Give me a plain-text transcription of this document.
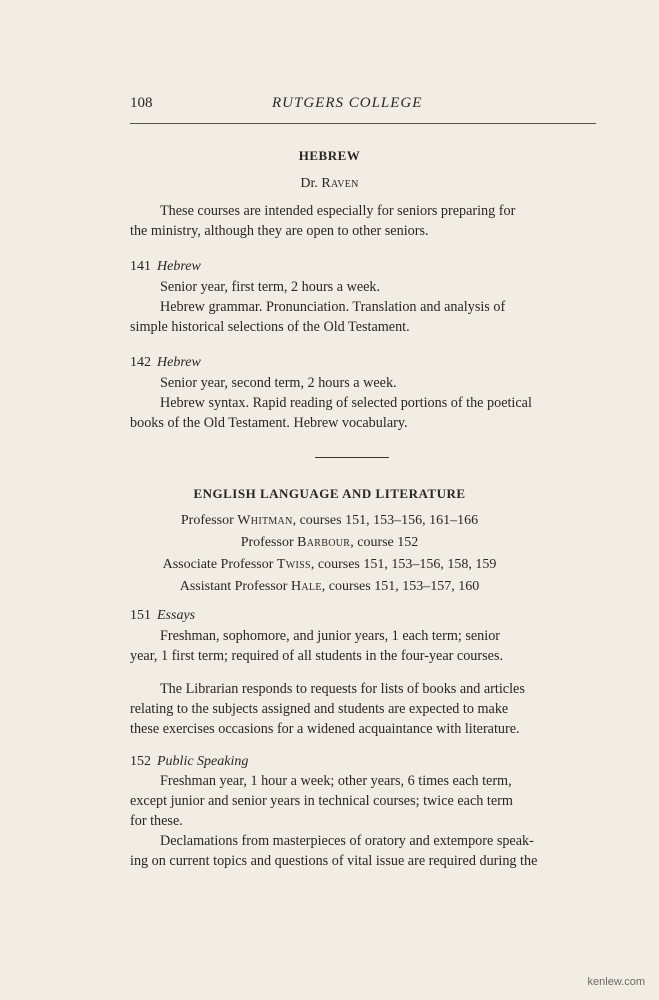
108	RUTGERS COLLEGE
HEBREW
Dr. Raven
These courses are intended especially for seniors preparing for
the ministry, although they are open to other seniors.
141 Hebrew
Senior year, first term, 2 hours a week.
Hebrew grammar. Pronunciation. Translation and analysis of
simple historical selections of the Old Testament.
142 Hebrew
Senior year, second term, 2 hours a week.
Hebrew syntax. Rapid reading of selected portions of the poetical
books of the Old Testament. Hebrew vocabulary.
ENGLISH LANGUAGE AND LITERATURE
Professor Whitman, courses 151, 153–156, 161–166
Professor Barbour, course 152
Associate Professor Twiss, courses 151, 153–156, 158, 159
Assistant Professor Hale, courses 151, 153–157, 160
151 Essays
Freshman, sophomore, and junior years, 1 each term; senior
year, 1 first term; required of all students in the four-year courses.
The Librarian responds to requests for lists of books and articles
relating to the subjects assigned and students are expected to make
these exercises occasions for a widened acquaintance with literature.
152 Public Speaking
Freshman year, 1 hour a week; other years, 6 times each term,
except junior and senior years in technical courses; twice each term
for these.
Declamations from masterpieces of oratory and extempore speak-
ing on current topics and questions of vital issue are required during the
kenlew.com
